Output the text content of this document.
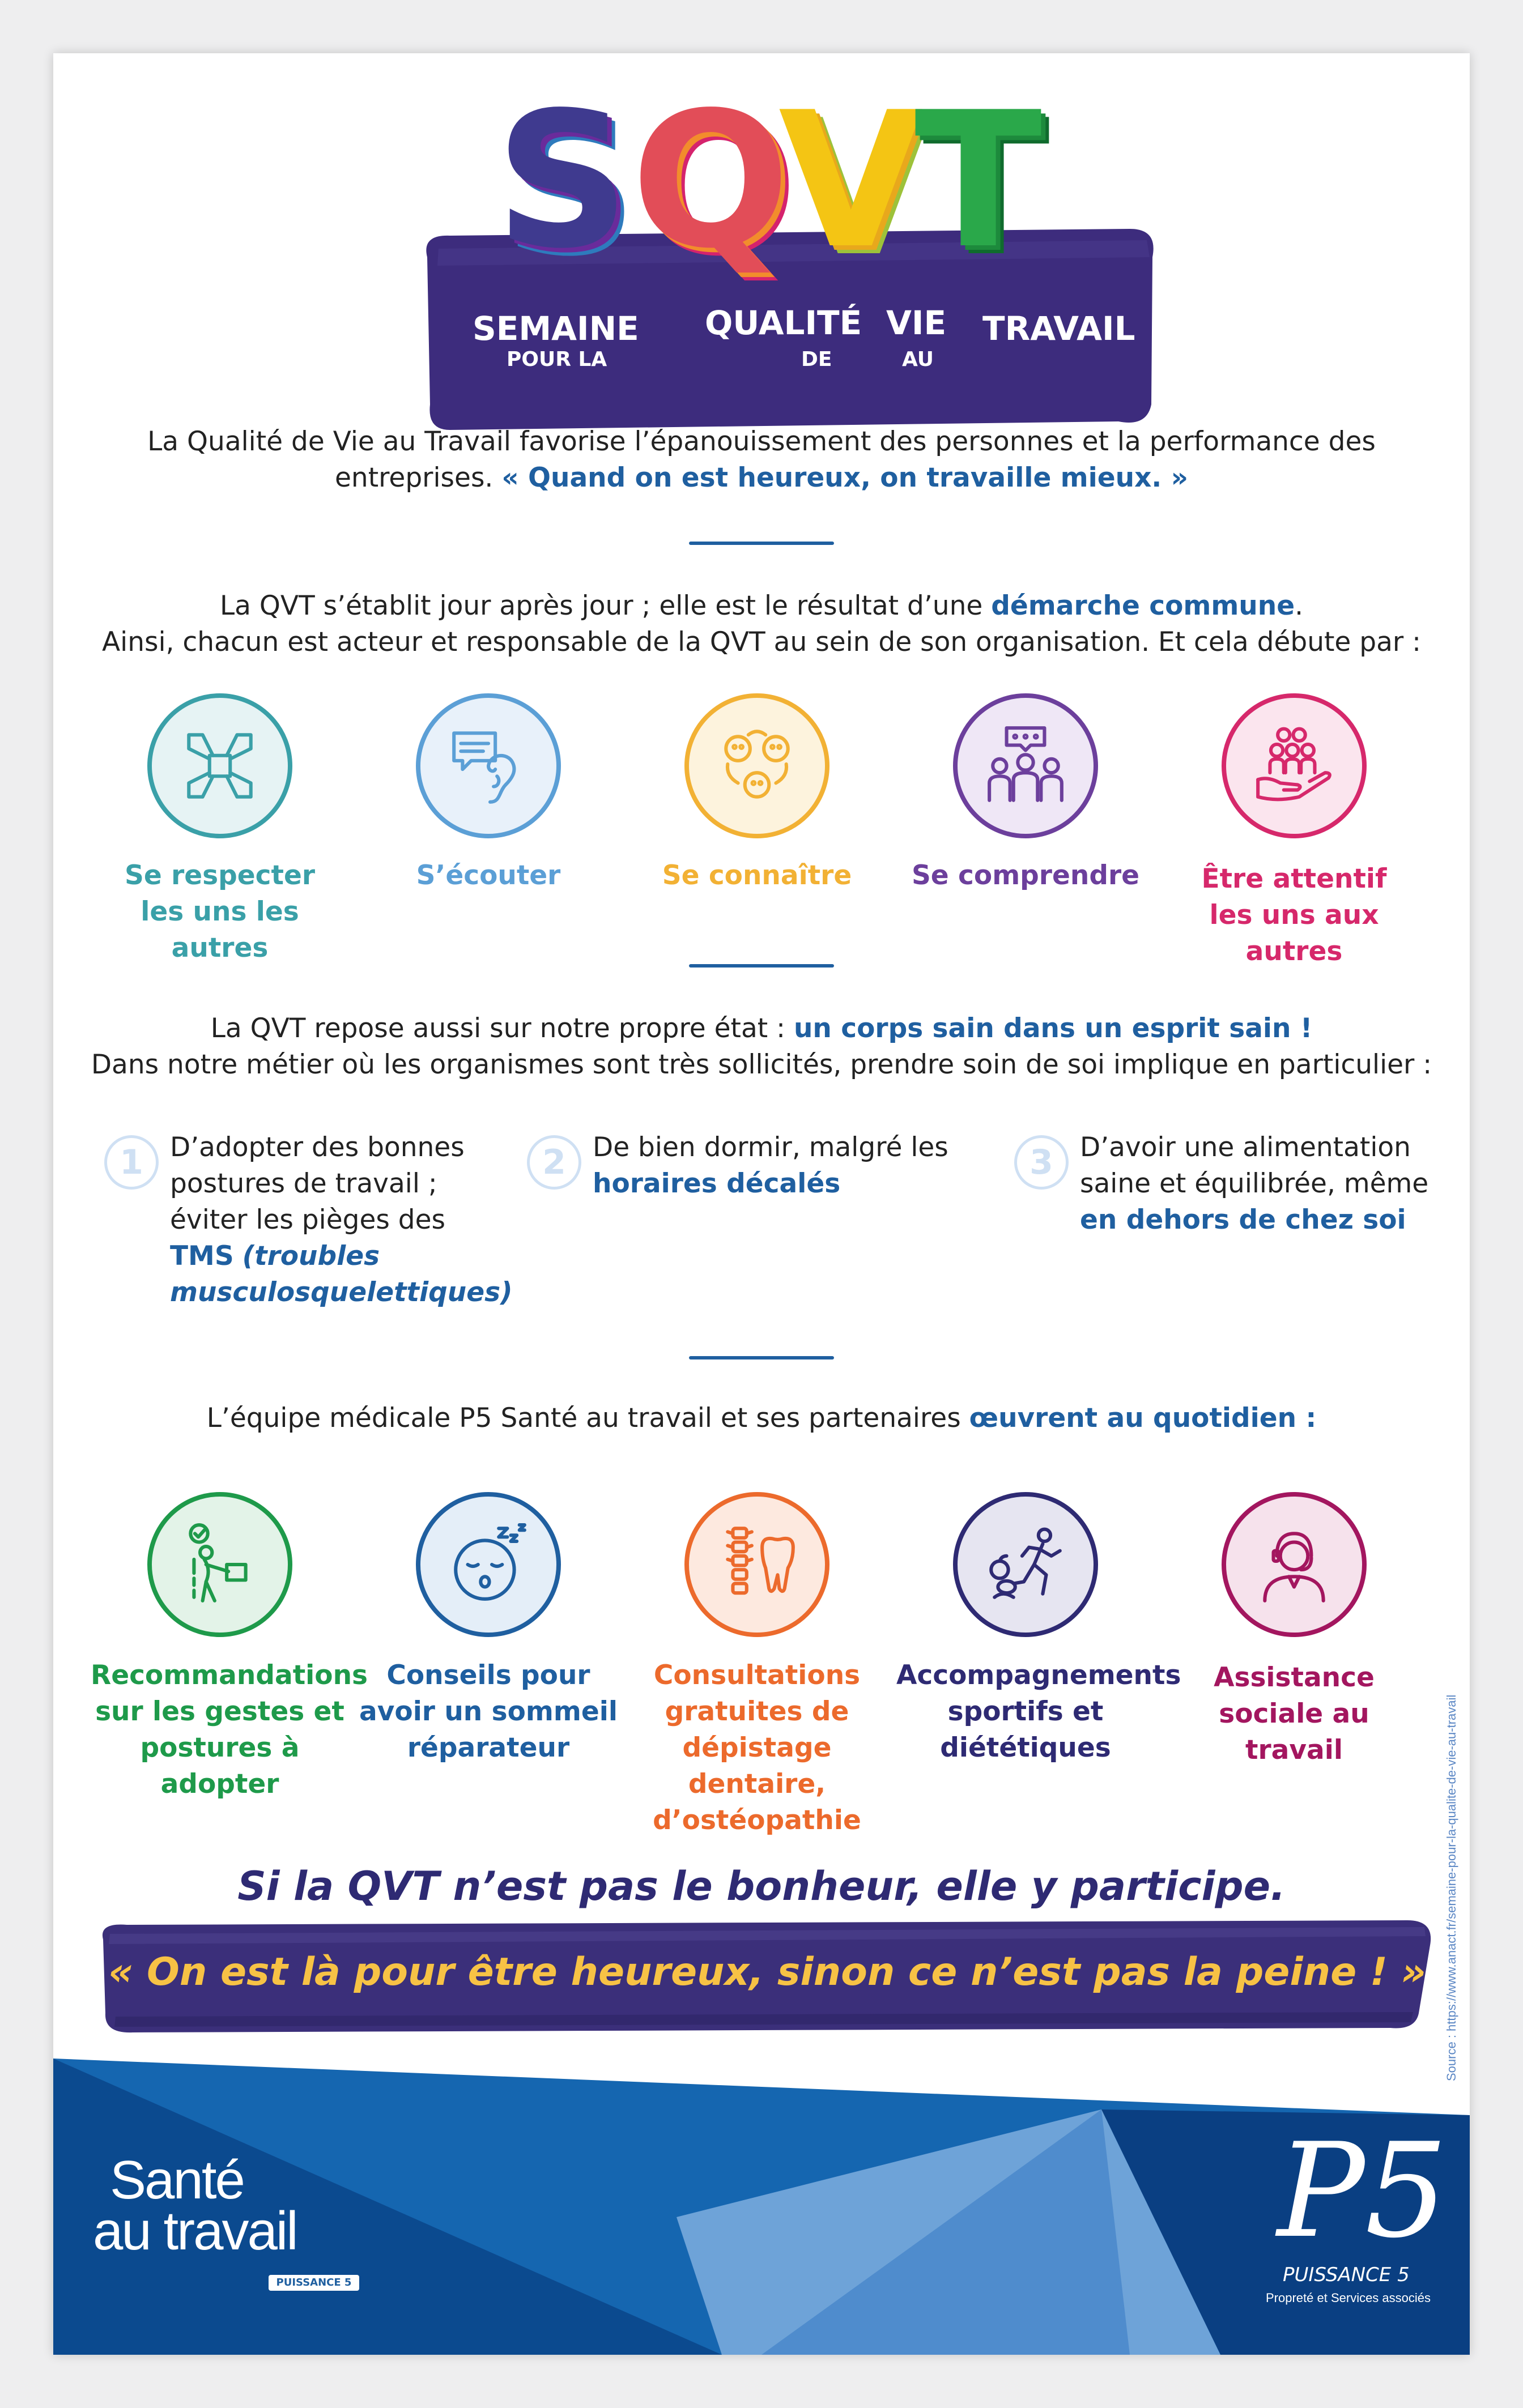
S Q
V
T
SEMAINE QUALITÉ VIE TRAVAIL
POUR LA	DE	AU
La Qualité de Vie au Travail favorise l’épanouissement des personnes et la performance des
entreprises. « Quand on est heureux, on travaille mieux. »
La QVT s’établit jour après jour ; elle est le résultat d’une démarche commune.
Ainsi, chacun est acteur et responsable de la QVT au sein de son organisation. Et cela débute par :
Se respecter
les uns les autres
S’écouter	Se connaître	Se comprendre	Être attentif
les uns aux autres
La QVT repose aussi sur notre propre état : un corps sain dans un esprit sain !
Dans notre métier où les organismes sont très sollicités, prendre soin de soi implique en particulier :
1	D’adopter des bonnes
postures de travail ;
éviter les pièges des
TMS (troubles
musculosquelettiques)
2	De bien dormir, malgré les
horaires décalés
3	D’avoir une alimentation
saine et équilibrée, même
en dehors de chez soi
L’équipe médicale P5 Santé au travail et ses partenaires œuvrent au quotidien :
Recommandations
sur les gestes et
postures à adopter
Conseils pour
avoir un sommeil
réparateur
Consultations
gratuites de
dépistage dentaire,
d’ostéopathie
Accompagnements
sportifs et
diététiques
Assistance
sociale au
travail
Si la QVT n’est pas le bonheur, elle y participe.
« On est là pour être heureux, sinon ce n’est pas la peine ! »	Source : https://www.anact.fr/semaine-pour-la-qualite-de-vie-au-travail
Santé
au travail
PUISSANCE 5
P5
PUISSANCE 5
Propreté et Services associés
